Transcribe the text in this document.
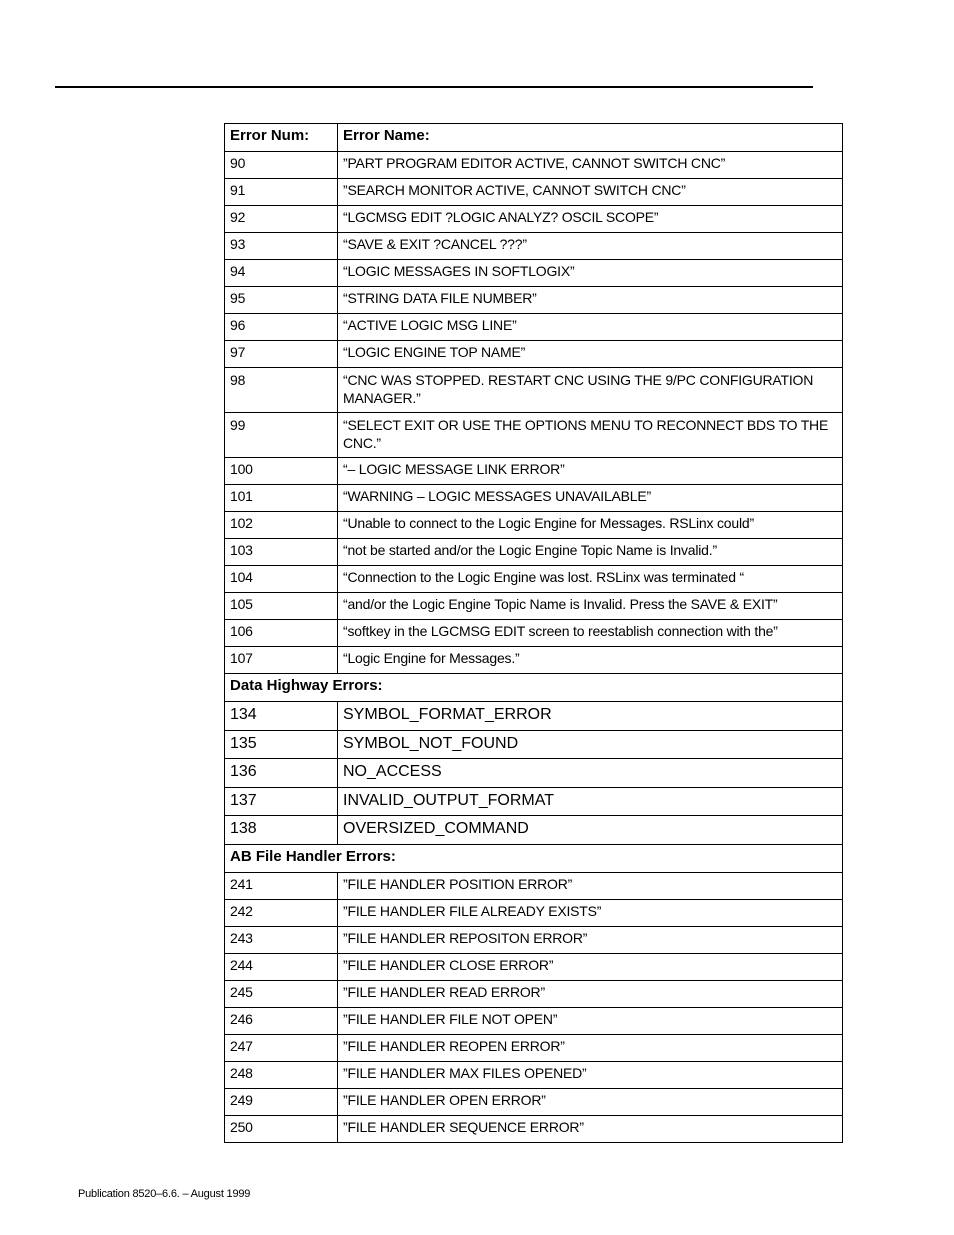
Error Num:	Error Name:
90	”PART PROGRAM EDITOR ACTIVE, CANNOT SWITCH CNC”
91	”SEARCH MONITOR ACTIVE, CANNOT SWITCH CNC”
92	“LGCMSG EDIT ?LOGIC ANALYZ? OSCIL SCOPE”
93	“SAVE & EXIT ?CANCEL ???”
94	“LOGIC MESSAGES IN SOFTLOGIX”
95	“STRING DATA FILE NUMBER”
96	“ACTIVE LOGIC MSG LINE”
97	“LOGIC ENGINE TOP NAME”
98	“CNC WAS STOPPED. RESTART CNC USING THE 9/PC CONFIGURATION MANAGER.”
99	“SELECT EXIT OR USE THE OPTIONS MENU TO RECONNECT BDS TO THE CNC.”
100	“– LOGIC MESSAGE LINK ERROR”
101	“WARNING – LOGIC MESSAGES UNAVAILABLE”
102	“Unable to connect to the Logic Engine for Messages. RSLinx could”
103	“not be started and/or the Logic Engine Topic Name is Invalid.”
104	“Connection to the Logic Engine was lost. RSLinx was terminated “
105	“and/or the Logic Engine Topic Name is Invalid. Press the SAVE & EXIT”
106	“softkey in the LGCMSG EDIT screen to reestablish connection with the”
107	“Logic Engine for Messages.”
Data Highway Errors:	
134	SYMBOL_FORMAT_ERROR
135	SYMBOL_NOT_FOUND
136	NO_ACCESS
137	INVALID_OUTPUT_FORMAT
138	OVERSIZED_COMMAND
AB File Handler Errors:	
241	”FILE HANDLER POSITION ERROR”
242	”FILE HANDLER FILE ALREADY EXISTS”
243	”FILE HANDLER REPOSITON ERROR”
244	”FILE HANDLER CLOSE ERROR”
245	”FILE HANDLER READ ERROR”
246	”FILE HANDLER FILE NOT OPEN”
247	”FILE HANDLER REOPEN ERROR”
248	”FILE HANDLER MAX FILES OPENED”
249	”FILE HANDLER OPEN ERROR”
250	”FILE HANDLER SEQUENCE ERROR”
Publication 8520–6.6. – August 1999
